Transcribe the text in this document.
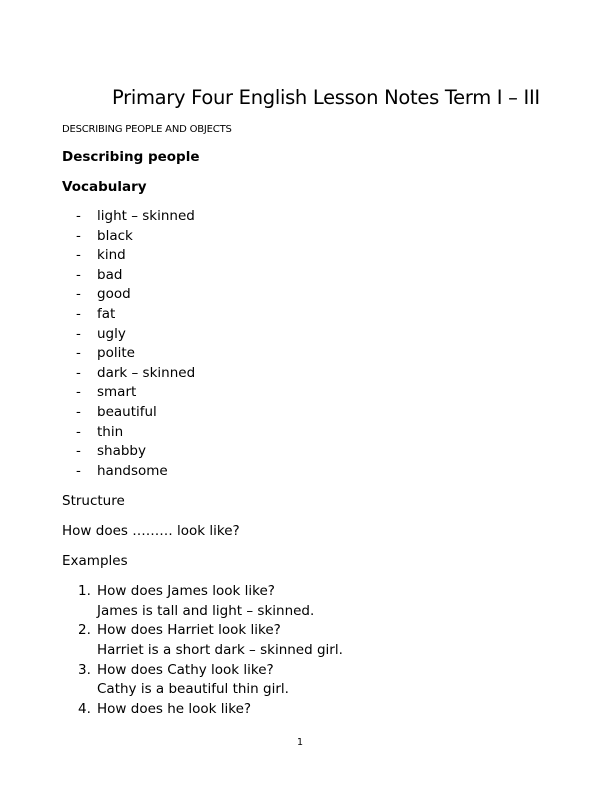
Primary Four English Lesson Notes Term I – III
DESCRIBING PEOPLE AND OBJECTS
Describing people
Vocabulary
- light – skinned
- black
- kind
- bad
- good
- fat
- ugly
- polite
- dark – skinned
- smart
- beautiful
- thin
- shabby
- handsome
Structure
How does ……… look like?
Examples
1. How does James look like?
James is tall and light – skinned.
2. How does Harriet look like?
Harriet is a short dark – skinned girl.
3. How does Cathy look like?
Cathy is a beautiful thin girl.
4. How does he look like?
1
